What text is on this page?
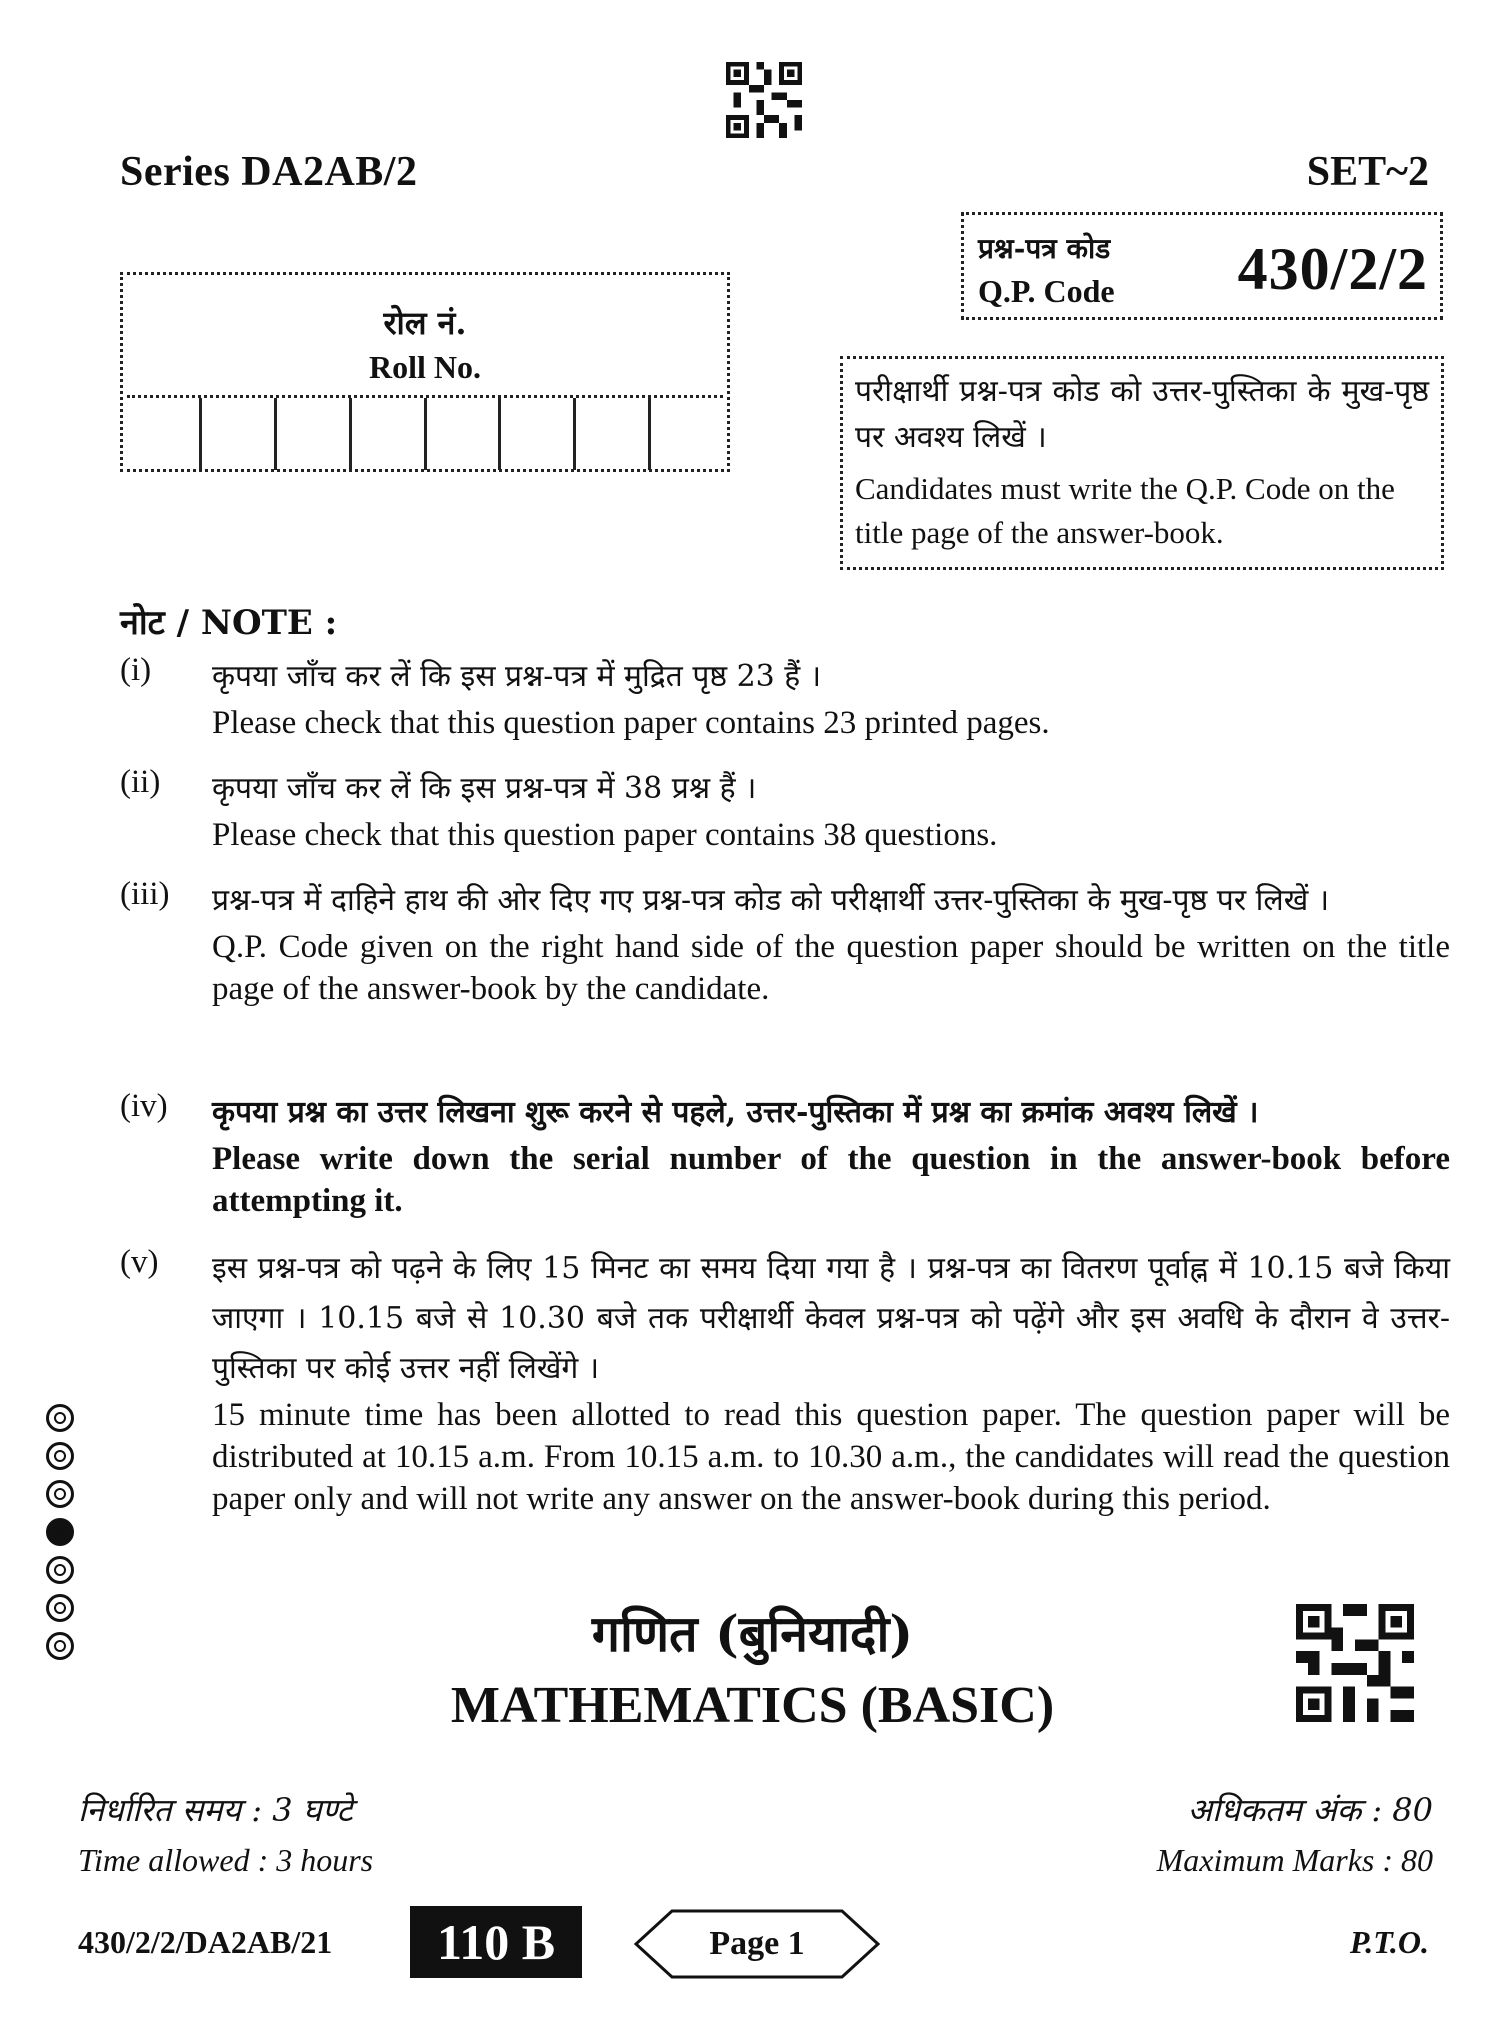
Series DA2AB/2	SET~2
प्रश्न-पत्र कोड
Q.P. Code 430/2/2
रोल नं.
Roll No.
परीक्षार्थी प्रश्न-पत्र कोड को उत्तर-पुस्तिका के मुख-पृष्ठ पर अवश्य लिखें ।
Candidates must write the Q.P. Code on the title page of the answer-book.
नोट / NOTE :
(i) कृपया जाँच कर लें कि इस प्रश्न-पत्र में मुद्रित पृष्ठ 23 हैं ।
Please check that this question paper contains 23 printed pages.
(ii) कृपया जाँच कर लें कि इस प्रश्न-पत्र में 38 प्रश्न हैं ।
Please check that this question paper contains 38 questions.
(iii) प्रश्न-पत्र में दाहिने हाथ की ओर दिए गए प्रश्न-पत्र कोड को परीक्षार्थी उत्तर-पुस्तिका के मुख-पृष्ठ पर लिखें ।
Q.P. Code given on the right hand side of the question paper should be written on the title page of the answer-book by the candidate.
(iv) कृपया प्रश्न का उत्तर लिखना शुरू करने से पहले, उत्तर-पुस्तिका में प्रश्न का क्रमांक अवश्य लिखें ।
Please write down the serial number of the question in the answer-book before attempting it.
(v) इस प्रश्न-पत्र को पढ़ने के लिए 15 मिनट का समय दिया गया है । प्रश्न-पत्र का वितरण पूर्वाह्न में 10.15 बजे किया जाएगा । 10.15 बजे से 10.30 बजे तक परीक्षार्थी केवल प्रश्न-पत्र को पढ़ेंगे और इस अवधि के दौरान वे उत्तर-पुस्तिका पर कोई उत्तर नहीं लिखेंगे ।
15 minute time has been allotted to read this question paper. The question paper will be distributed at 10.15 a.m. From 10.15 a.m. to 10.30 a.m., the candidates will read the question paper only and will not write any answer on the answer-book during this period.
गणित (बुनियादी)
MATHEMATICS (BASIC)
निर्धारित समय : 3 घण्टे
Time allowed : 3 hours
अधिकतम अंक : 80
Maximum Marks : 80
430/2/2/DA2AB/21	110 B	Page 1	P.T.O.
